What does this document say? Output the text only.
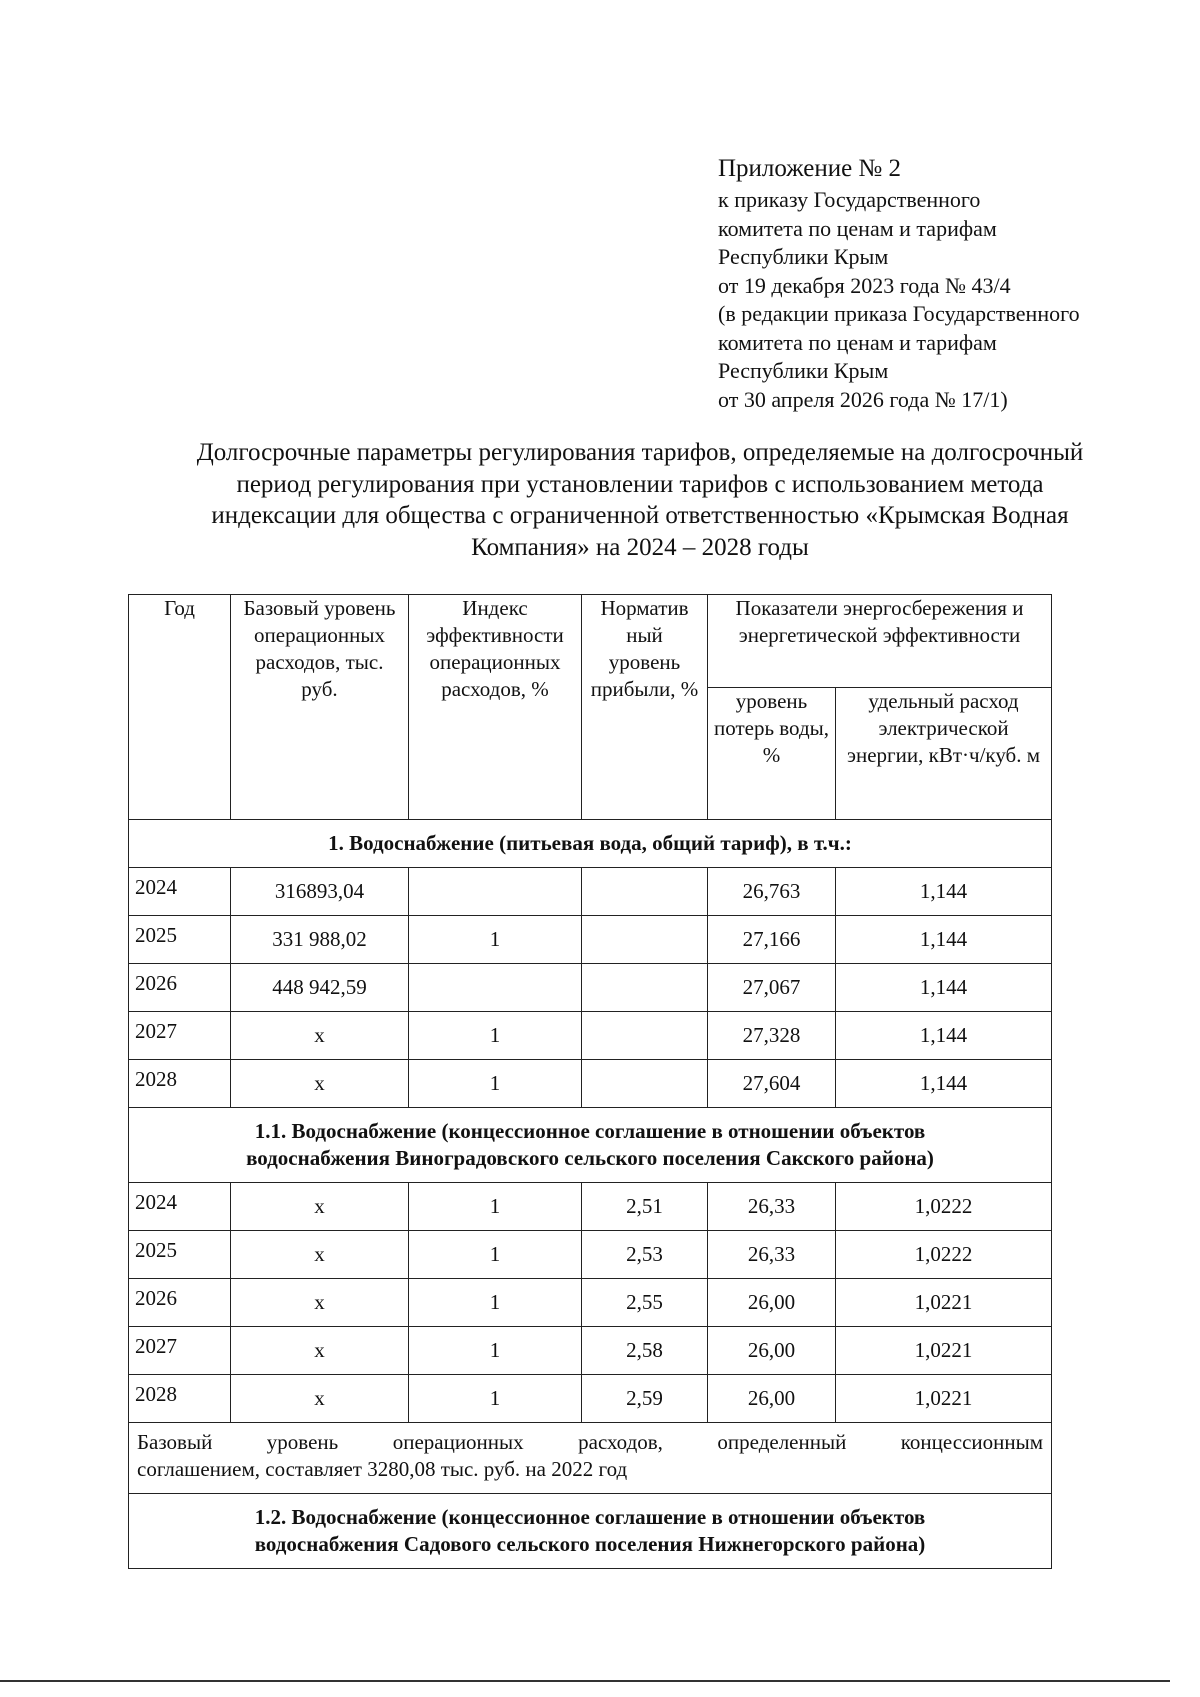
Приложение № 2
к приказу Государственного
комитета по ценам и тарифам
Республики Крым
от 19 декабря 2023 года № 43/4
(в редакции приказа Государственного
комитета по ценам и тарифам
Республики Крым
от 30 апреля 2026 года № 17/1)
Долгосрочные параметры регулирования тарифов, определяемые на долгосрочный
период регулирования при установлении тарифов с использованием метода
индексации для общества с ограниченной ответственностью «Крымская Водная
Компания» на 2024 – 2028 годы
Год	Базовый уровень операционных расходов, тыс. руб.	Индекс эффективности операционных расходов, %	Норматив ный уровень прибыли, %	Показатели энергосбережения и энергетической эффективности	
				уровень потерь воды, %	удельный расход электрической энергии, кВт·ч/куб. м
1. Водоснабжение (питьевая вода, общий тариф), в т.ч.:					
2024	316893,04			26,763	1,144
2025	331 988,02	1		27,166	1,144
2026	448 942,59			27,067	1,144
2027	х	1		27,328	1,144
2028	х	1		27,604	1,144

1.1. Водоснабжение (концессионное соглашение в отношении объектов
водоснабжения Виноградовского сельского поселения Сакского района)					

2024	х	1	2,51	26,33	1,0222
2025	х	1	2,53	26,33	1,0222
2026	х	1	2,55	26,00	1,0221
2027	х	1	2,58	26,00	1,0221
2028	х	1	2,59	26,00	1,0221

Базовый уровень операционных расходов, определенный концессионным
соглашением, составляет 3280,08 тыс. руб. на 2022 год					

1.2. Водоснабжение (концессионное соглашение в отношении объектов
водоснабжения Садового сельского поселения Нижнегорского района)					
